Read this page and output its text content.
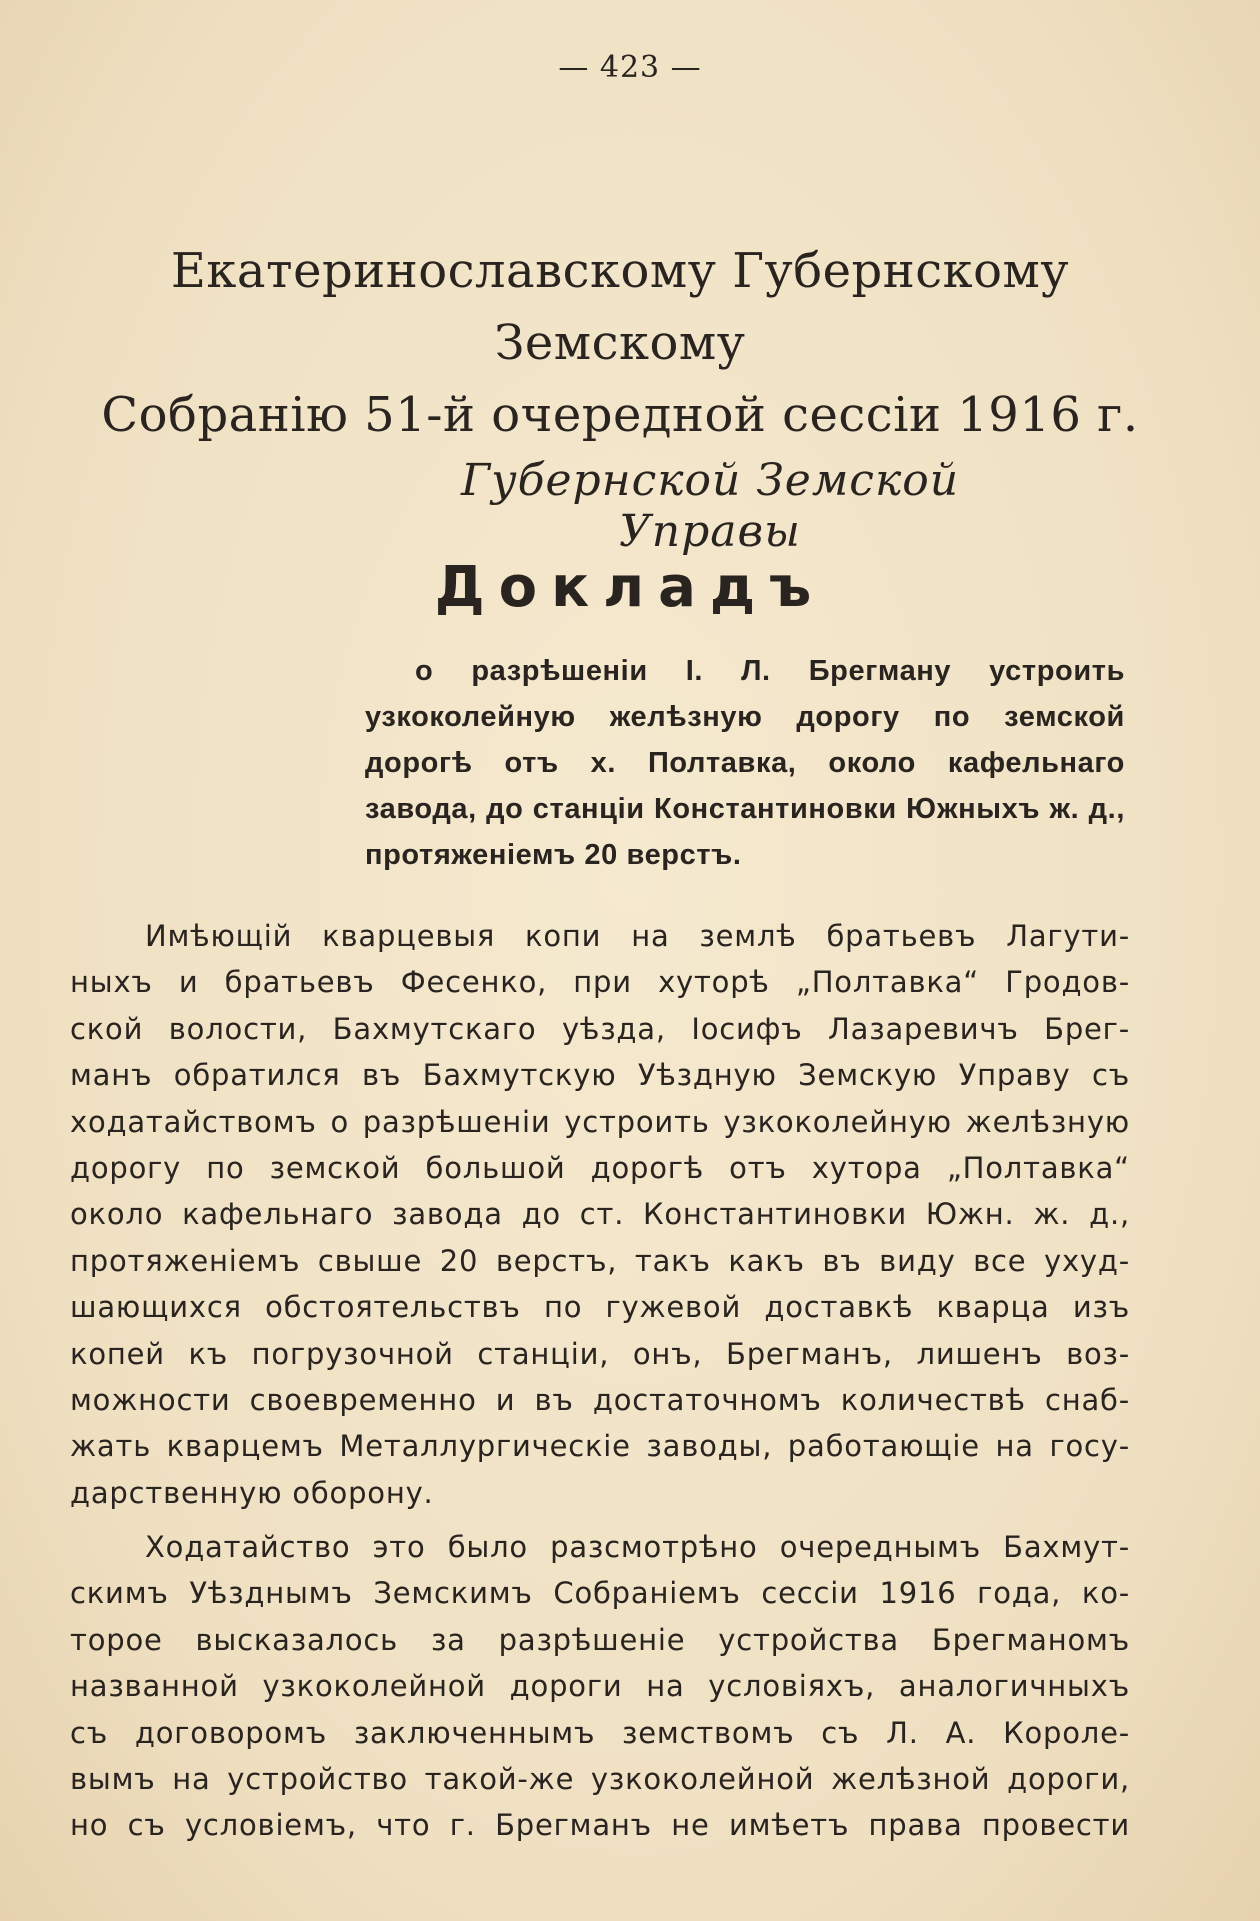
— 423 —
Екатеринославскому Губернскому Земскому
Собранію 51-й очередной сессіи 1916 г.
Губернской Земской Управы
Докладъ
о разрѣшеніи І. Л. Брегману устроить узкоколейную желѣзную дорогу по земской дорогѣ отъ х. Полтавка, около кафельнаго завода, до станціи Константиновки Южныхъ ж. д., протяженіемъ 20 верстъ.
Имѣющій кварцевыя копи на землѣ братьевъ Лагути-
ныхъ и братьевъ Фесенко, при хуторѣ „Полтавка“ Гродов-
ской волости, Бахмутскаго уѣзда, Іосифъ Лазаревичъ Брег-
манъ обратился въ Бахмутскую Уѣздную Земскую Управу съ
ходатайствомъ о разрѣшеніи устроить узкоколейную желѣзную
дорогу по земской большой дорогѣ отъ хутора „Полтавка“
около кафельнаго завода до ст. Константиновки Южн. ж. д.,
протяженіемъ свыше 20 верстъ, такъ какъ въ виду все ухуд-
шающихся обстоятельствъ по гужевой доставкѣ кварца изъ
копей къ погрузочной станціи, онъ, Брегманъ, лишенъ воз-
можности своевременно и въ достаточномъ количествѣ снаб-
жать кварцемъ Металлургическіе заводы, работающіе на госу-
дарственную оборону.
Ходатайство это было разсмотрѣно очереднымъ Бахмут-
скимъ Уѣзднымъ Земскимъ Собраніемъ сессіи 1916 года, ко-
торое высказалось за разрѣшеніе устройства Брегманомъ
названной узкоколейной дороги на условіяхъ, аналогичныхъ
съ договоромъ заключеннымъ земствомъ съ Л. А. Короле-
вымъ на устройство такой-же узкоколейной желѣзной дороги,
но съ условіемъ, что г. Брегманъ не имѣетъ права провести
